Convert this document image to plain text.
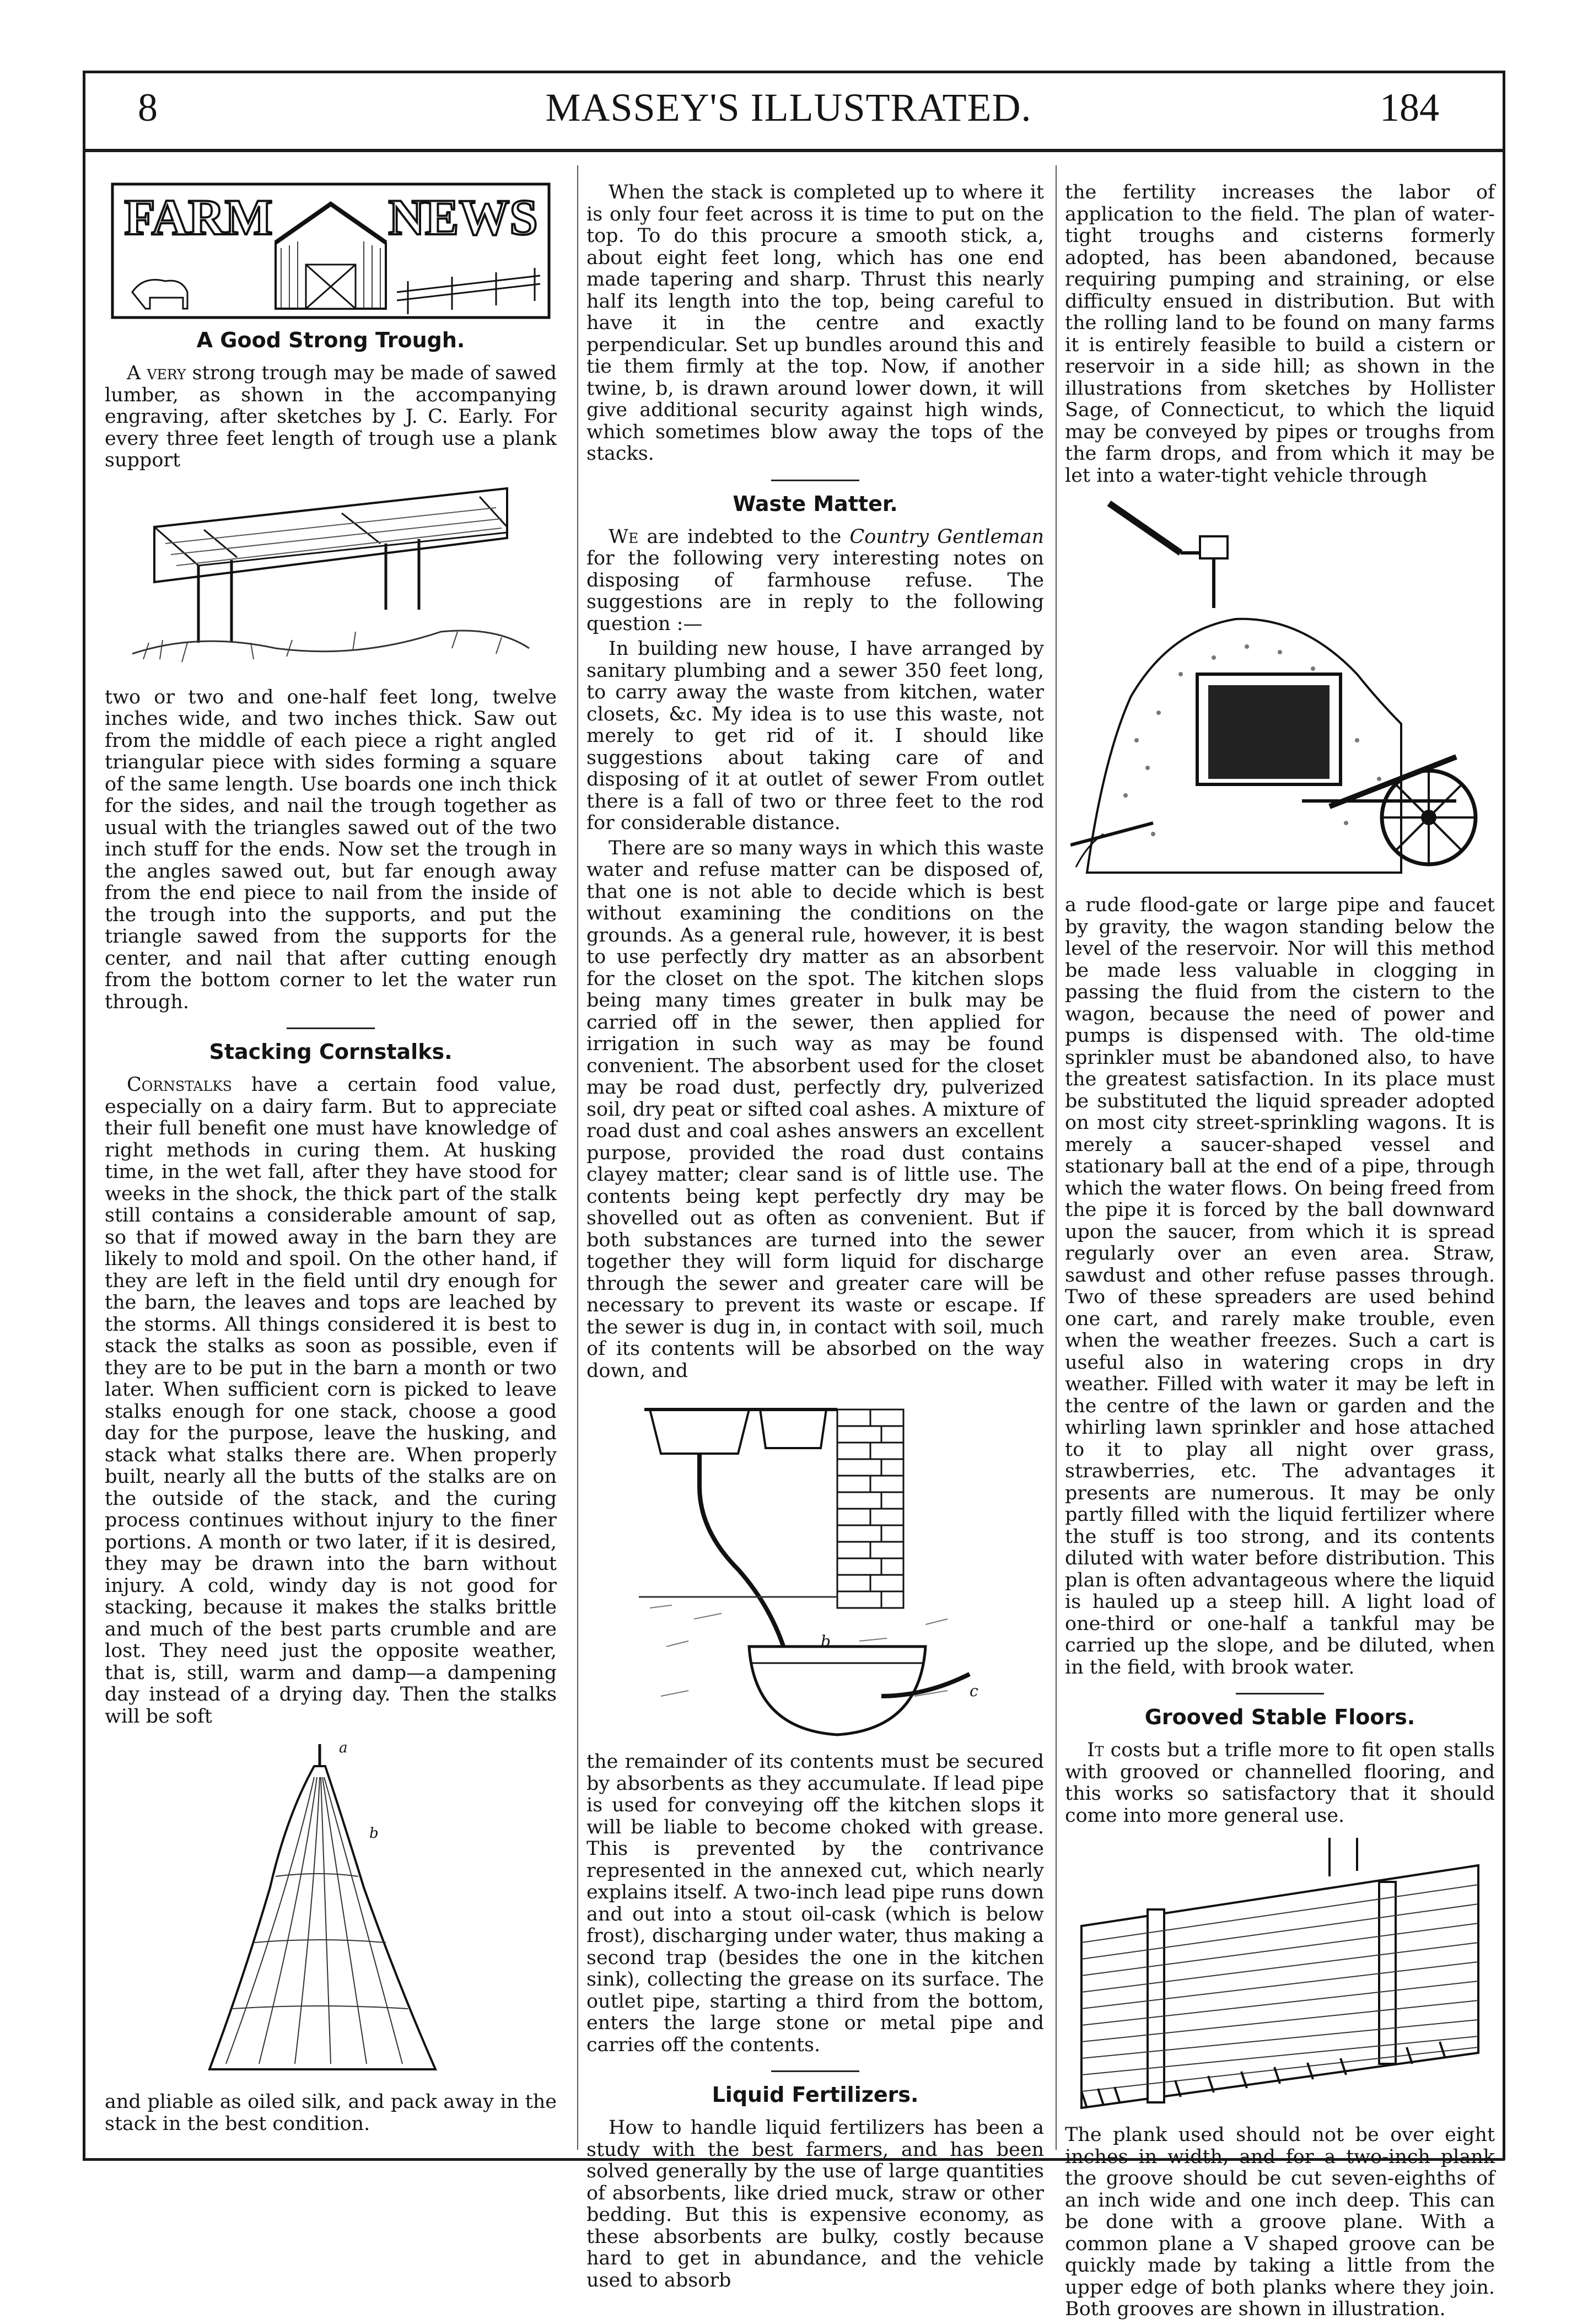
8	MASSEY'S ILLUSTRATED.	184
FARM NEWS
A Good Strong Trough.

A very strong trough may be made of sawed lumber, as shown in the accompanying engraving, after sketches by J. C. Early. For every three feet length of trough use a plank support

two or two and one-half feet long, twelve inches wide, and two inches thick. Saw out from the middle of each piece a right angled triangular piece with sides forming a square of the same length. Use boards one inch thick for the sides, and nail the trough together as usual with the triangles sawed out of the two inch stuff for the ends. Now set the trough in the angles sawed out, but far enough away from the end piece to nail from the inside of the trough into the supports, and put the triangle sawed from the supports for the center, and nail that after cutting enough from the bottom corner to let the water run through.

Stacking Cornstalks.

Cornstalks have a certain food value, especially on a dairy farm. But to appreciate their full benefit one must have knowledge of right methods in curing them. At husking time, in the wet fall, after they have stood for weeks in the shock, the thick part of the stalk still contains a considerable amount of sap, so that if mowed away in the barn they are likely to mold and spoil. On the other hand, if they are left in the field until dry enough for the barn, the leaves and tops are leached by the storms. All things considered it is best to stack the stalks as soon as possible, even if they are to be put in the barn a month or two later. When sufficient corn is picked to leave stalks enough for one stack, choose a good day for the purpose, leave the husking, and stack what stalks there are. When properly built, nearly all the butts of the stalks are on the outside of the stack, and the curing process continues without injury to the finer portions. A month or two later, if it is desired, they may be drawn into the barn without injury. A cold, windy day is not good for stacking, because it makes the stalks brittle and much of the best parts crumble and are lost. They need just the opposite weather, that is, still, warm and damp—a dampening day instead of a drying day. Then the stalks will be soft

a
b

and pliable as oiled silk, and pack away in the stack in the best condition.

When the stack is completed up to where it is only four feet across it is time to put on the top. To do this procure a smooth stick, a, about eight feet long, which has one end made tapering and sharp. Thrust this nearly half its length into the top, being careful to have it in the centre and exactly perpendicular. Set up bundles around this and tie them firmly at the top. Now, if another twine, b, is drawn around lower down, it will give additional security against high winds, which sometimes blow away the tops of the stacks.

Waste Matter.

We are indebted to the Country Gentleman for the following very interesting notes on disposing of farmhouse refuse. The suggestions are in reply to the following question :—

In building new house, I have arranged by sanitary plumbing and a sewer 350 feet long, to carry away the waste from kitchen, water closets, &c. My idea is to use this waste, not merely to get rid of it. I should like suggestions about taking care of and disposing of it at outlet of sewer From outlet there is a fall of two or three feet to the rod for considerable distance.

There are so many ways in which this waste water and refuse matter can be disposed of, that one is not able to decide which is best without examining the conditions on the grounds. As a general rule, however, it is best to use perfectly dry matter as an absorbent for the closet on the spot. The kitchen slops being many times greater in bulk may be carried off in the sewer, then applied for irrigation in such way as may be found convenient. The absorbent used for the closet may be road dust, perfectly dry, pulverized soil, dry peat or sifted coal ashes. A mixture of road dust and coal ashes answers an excellent purpose, provided the road dust contains clayey matter; clear sand is of little use. The contents being kept perfectly dry may be shovelled out as often as convenient. But if both substances are turned into the sewer together they will form liquid for discharge through the sewer and greater care will be necessary to prevent its waste or escape. If the sewer is dug in, in contact with soil, much of its contents will be absorbed on the way down, and

b
c

the remainder of its contents must be secured by absorbents as they accumulate. If lead pipe is used for conveying off the kitchen slops it will be liable to become choked with grease. This is prevented by the contrivance represented in the annexed cut, which nearly explains itself. A two-inch lead pipe runs down and out into a stout oil-cask (which is below frost), discharging under water, thus making a second trap (besides the one in the kitchen sink), collecting the grease on its surface. The outlet pipe, starting a third from the bottom, enters the large stone or metal pipe and carries off the contents.

Liquid Fertilizers.

How to handle liquid fertilizers has been a study with the best farmers, and has been solved generally by the use of large quantities of absorbents, like dried muck, straw or other bedding. But this is expensive economy, as these absorbents are bulky, costly because hard to get in abundance, and the vehicle used to absorb

the fertility increases the labor of application to the field. The plan of water-tight troughs and cisterns formerly adopted, has been abandoned, because requiring pumping and straining, or else difficulty ensued in distribution. But with the rolling land to be found on many farms it is entirely feasible to build a cistern or reservoir in a side hill; as shown in the illustrations from sketches by Hollister Sage, of Connecticut, to which the liquid may be conveyed by pipes or troughs from the farm drops, and from which it may be let into a water-tight vehicle through

a rude flood-gate or large pipe and faucet by gravity, the wagon standing below the level of the reservoir. Nor will this method be made less valuable in clogging in passing the fluid from the cistern to the wagon, because the need of power and pumps is dispensed with. The old-time sprinkler must be abandoned also, to have the greatest satisfaction. In its place must be substituted the liquid spreader adopted on most city street-sprinkling wagons. It is merely a saucer-shaped vessel and stationary ball at the end of a pipe, through which the water flows. On being freed from the pipe it is forced by the ball downward upon the saucer, from which it is spread regularly over an even area. Straw, sawdust and other refuse passes through. Two of these spreaders are used behind one cart, and rarely make trouble, even when the weather freezes. Such a cart is useful also in watering crops in dry weather. Filled with water it may be left in the centre of the lawn or garden and the whirling lawn sprinkler and hose attached to it to play all night over grass, strawberries, etc. The advantages it presents are numerous. It may be only partly filled with the liquid fertilizer where the stuff is too strong, and its contents diluted with water before distribution. This plan is often advantageous where the liquid is hauled up a steep hill. A light load of one-third or one-half a tankful may be carried up the slope, and be diluted, when in the field, with brook water.

Grooved Stable Floors.

It costs but a trifle more to fit open stalls with grooved or channelled flooring, and this works so satisfactory that it should come into more general use.

The plank used should not be over eight inches in width, and for a two-inch plank the groove should be cut seven-eighths of an inch wide and one inch deep. This can be done with a groove plane. With a common plane a V shaped groove can be quickly made by taking a little from the upper edge of both planks where they join. Both grooves are shown in illustration.
